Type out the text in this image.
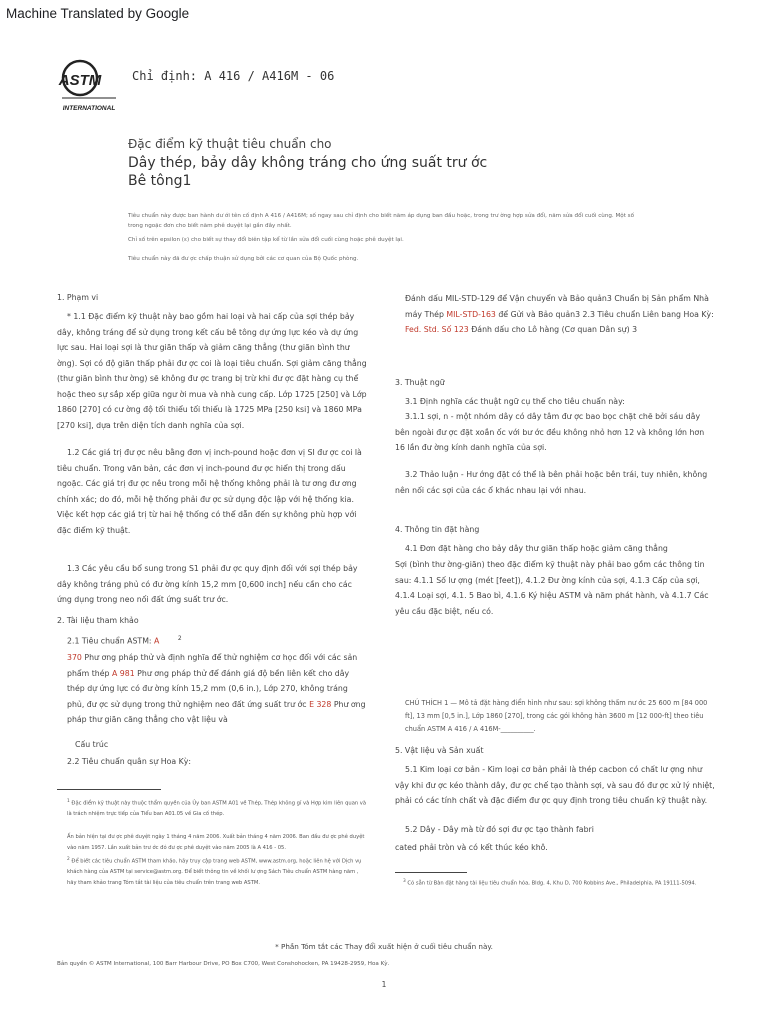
Machine Translated by Google
ASTM
INTERNATIONAL
Chỉ định: A 416 / A416M - 06
Đặc điểm kỹ thuật tiêu chuẩn cho
Dây thép, bảy dây không tráng cho ứng suất trư ớc
Bê tông1
Tiêu chuẩn này được ban hành dư ới tên cố định A 416 / A416M; số ngay sau chỉ định cho biết năm áp dụng ban đầu hoặc, trong trư ờng hợp sửa đổi, năm sửa đổi cuối cùng. Một số trong ngoặc đơn cho biết năm phê duyệt lại gần đây nhất.
Chỉ số trên epsilon (ε) cho biết sự thay đổi biên tập kể từ lần sửa đổi cuối cùng hoặc phê duyệt lại.
Tiêu chuẩn này đã đư ợc chấp thuận sử dụng bởi các cơ quan của Bộ Quốc phòng.
1. Phạm vi
* 1.1 Đặc điểm kỹ thuật này bao gồm hai loại và hai cấp của sợi thép bảy dây, không tráng để sử dụng trong kết cấu bê tông dự ứng lực kéo và dự ứng lực sau. Hai loại sợi là thư giãn thấp và giảm căng thẳng (thư giãn bình thư ờng). Sợi có độ giãn thấp phải đư ợc coi là loại tiêu chuẩn. Sợi giảm căng thẳng (thư giãn bình thư ờng) sẽ không đư ợc trang bị trừ khi đư ợc đặt hàng cụ thể hoặc theo sự sắp xếp giữa ngư ời mua và nhà cung cấp. Lớp 1725 [250] và Lớp 1860 [270] có cư ờng độ tối thiểu tối thiểu là 1725 MPa [250 ksi] và 1860 MPa [270 ksi], dựa trên diện tích danh nghĩa của sợi.
1.2 Các giá trị đư ợc nêu bằng đơn vị inch-pound hoặc đơn vị SI đư ợc coi là tiêu chuẩn. Trong văn bản, các đơn vị inch-pound đư ợc hiển thị trong dấu ngoặc. Các giá trị đư ợc nêu trong mỗi hệ thống không phải là tư ơng đư ơng chính xác; do đó, mỗi hệ thống phải đư ợc sử dụng độc lập với hệ thống kia. Việc kết hợp các giá trị từ hai hệ thống có thể dẫn đến sự không phù hợp với đặc điểm kỹ thuật.
1.3 Các yêu cầu bổ sung trong S1 phải đư ợc quy định đối với sợi thép bảy dây không tráng phủ có đư ờng kính 15,2 mm [0,600 inch] nếu cần cho các ứng dụng trong neo nối đất ứng suất trư ớc.
2. Tài liệu tham khảo
2.1 Tiêu chuẩn ASTM: A	$^2$
370 Phư ơng pháp thử và định nghĩa để thử nghiệm cơ học đối với các sản phẩm thép A 981 Phư ơng pháp thử để đánh giá độ bền liên kết cho dây thép dự ứng lực có đư ờng kính 15,2 mm (0,6 in.), Lớp 270, không tráng phủ, đư ợc sử dụng trong thử nghiệm neo đất ứng suất trư ớc E 328 Phư ơng pháp thư giãn căng thẳng cho vật liệu và
Cấu trúc
2.2 Tiêu chuẩn quân sự Hoa Kỳ:
$^1$ Đặc điểm kỹ thuật này thuộc thẩm quyền của Ủy ban ASTM A01 về Thép, Thép không gỉ và Hợp kim liên quan và là trách nhiệm trực tiếp của Tiểu ban A01.05 về Gia cố thép.
Ấn bản hiện tại đư ợc phê duyệt ngày 1 tháng 4 năm 2006. Xuất bản tháng 4 năm 2006. Ban đầu đư ợc phê duyệt vào năm 1957. Lần xuất bản trư ớc đó đư ợc phê duyệt vào năm 2005 là A 416 - 05.
$^2$ Để biết các tiêu chuẩn ASTM tham khảo, hãy truy cập trang web ASTM, www.astm.org, hoặc liên hệ với Dịch vụ khách hàng của ASTM tại service@astm.org. Để biết thông tin về khối lư ợng Sách Tiêu chuẩn ASTM hàng năm , hãy tham khảo trang Tóm tắt tài liệu của tiêu chuẩn trên trang web ASTM.
Đánh dấu MIL-STD-129 để Vận chuyển và Bảo quản3 Chuẩn bị Sản phẩm Nhà máy Thép MIL-STD-163 để Gửi và Bảo quản3 2.3 Tiêu chuẩn Liên bang Hoa Kỳ: Fed. Std. Số 123 Đánh dấu cho Lô hàng (Cơ quan Dân sự) 3
3. Thuật ngữ
3.1 Định nghĩa các thuật ngữ cụ thể cho tiêu chuẩn này:
3.1.1 sợi, n - một nhóm dây có dây tâm đư ợc bao bọc chặt chẽ bởi sáu dây bên ngoài đư ợc đặt xoắn ốc với bư ớc đều không nhỏ hơn 12 và không lớn hơn 16 lần đư ờng kính danh nghĩa của sợi.
3.2 Thảo luận - Hư ớng đặt có thể là bên phải hoặc bên trái, tuy nhiên, không nên nối các sợi của các ổ khác nhau lại với nhau.
4. Thông tin đặt hàng
4.1 Đơn đặt hàng cho bảy dây thư giãn thấp hoặc giảm căng thẳng
Sợi (bình thư ờng-giãn) theo đặc điểm kỹ thuật này phải bao gồm các thông tin sau: 4.1.1 Số lư ợng (mét [feet]), 4.1.2 Đư ờng kính của sợi, 4.1.3 Cấp của sợi, 4.1.4 Loại sợi, 4.1. 5 Bao bì, 4.1.6 Ký hiệu ASTM và năm phát hành, và 4.1.7 Các yêu cầu đặc biệt, nếu có.
CHÚ THÍCH 1 — Mô tả đặt hàng điển hình như sau: sợi không thấm nư ớc 25 600 m [84 000 ft], 13 mm [0,5 in.], Lớp 1860 [270], trong các gói không hàn 3600 m [12 000-ft] theo tiêu chuẩn ASTM A 416 / A 416M-__________.
5. Vật liệu và Sản xuất
5.1 Kim loại cơ bản - Kim loại cơ bản phải là thép cacbon có chất lư ợng như vậy khi đư ợc kéo thành dây, đư ợc chế tạo thành sợi, và sau đó đư ợc xử lý nhiệt, phải có các tính chất và đặc điểm đư ợc quy định trong tiêu chuẩn kỹ thuật này.
5.2 Dây - Dây mà từ đó sợi đư ợc tạo thành fabri
cated phải tròn và có kết thúc kéo khô.
$^3$ Có sẵn từ Bàn đặt hàng tài liệu tiêu chuẩn hóa, Bldg. 4, Khu D, 700 Robbins Ave., Philadelphia, PA 19111-5094.
* Phần Tóm tắt các Thay đổi xuất hiện ở cuối tiêu chuẩn này.
Bản quyền © ASTM International, 100 Barr Harbour Drive, PO Box C700, West Conshohocken, PA 19428-2959, Hoa Kỳ.
1
